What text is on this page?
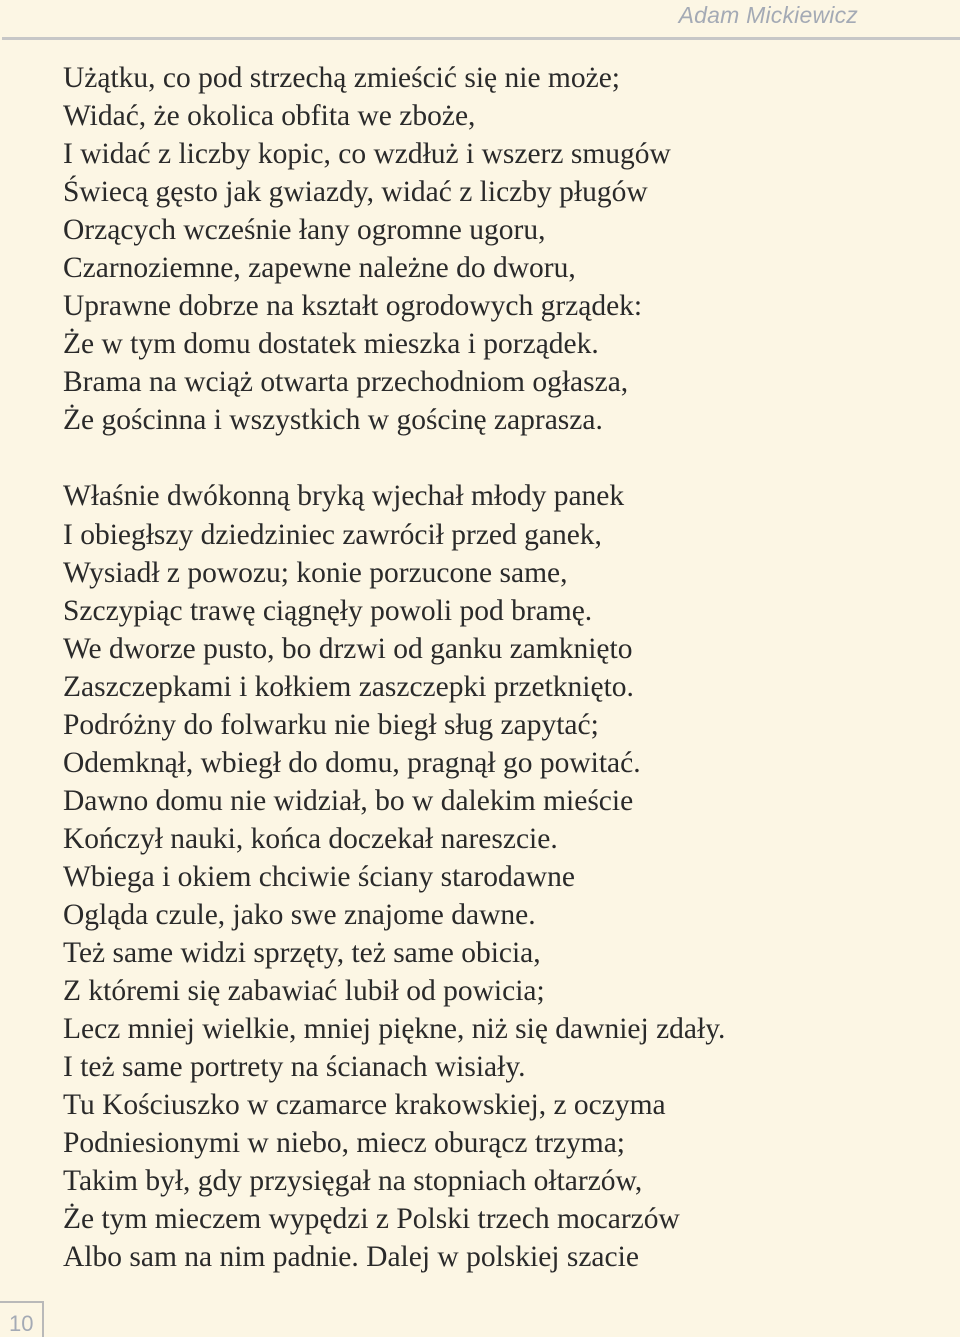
Adam Mickiewicz
Użątku, co pod strzechą zmieścić się nie może;
Widać, że okolica obfita we zboże,
I widać z liczby kopic, co wzdłuż i wszerz smugów
Świecą gęsto jak gwiazdy, widać z liczby pługów
Orzących wcześnie łany ogromne ugoru,
Czarnoziemne, zapewne należne do dworu,
Uprawne dobrze na kształt ogrodowych grządek:
Że w tym domu dostatek mieszka i porządek.
Brama na wciąż otwarta przechodniom ogłasza,
Że gościnna i wszystkich w gościnę zaprasza.
Właśnie dwókonną bryką wjechał młody panek
I obiegłszy dziedziniec zawrócił przed ganek,
Wysiadł z powozu; konie porzucone same,
Szczypiąc trawę ciągnęły powoli pod bramę.
We dworze pusto, bo drzwi od ganku zamknięto
Zaszczepkami i kołkiem zaszczepki przetknięto.
Podróżny do folwarku nie biegł sług zapytać;
Odemknął, wbiegł do domu, pragnął go powitać.
Dawno domu nie widział, bo w dalekim mieście
Kończył nauki, końca doczekał nareszcie.
Wbiega i okiem chciwie ściany starodawne
Ogląda czule, jako swe znajome dawne.
Też same widzi sprzęty, też same obicia,
Z któremi się zabawiać lubił od powicia;
Lecz mniej wielkie, mniej piękne, niż się dawniej zdały.
I też same portrety na ścianach wisiały.
Tu Kościuszko w czamarce krakowskiej, z oczyma
Podniesionymi w niebo, miecz oburącz trzyma;
Takim był, gdy przysięgał na stopniach ołtarzów,
Że tym mieczem wypędzi z Polski trzech mocarzów
Albo sam na nim padnie. Dalej w polskiej szacie
10
